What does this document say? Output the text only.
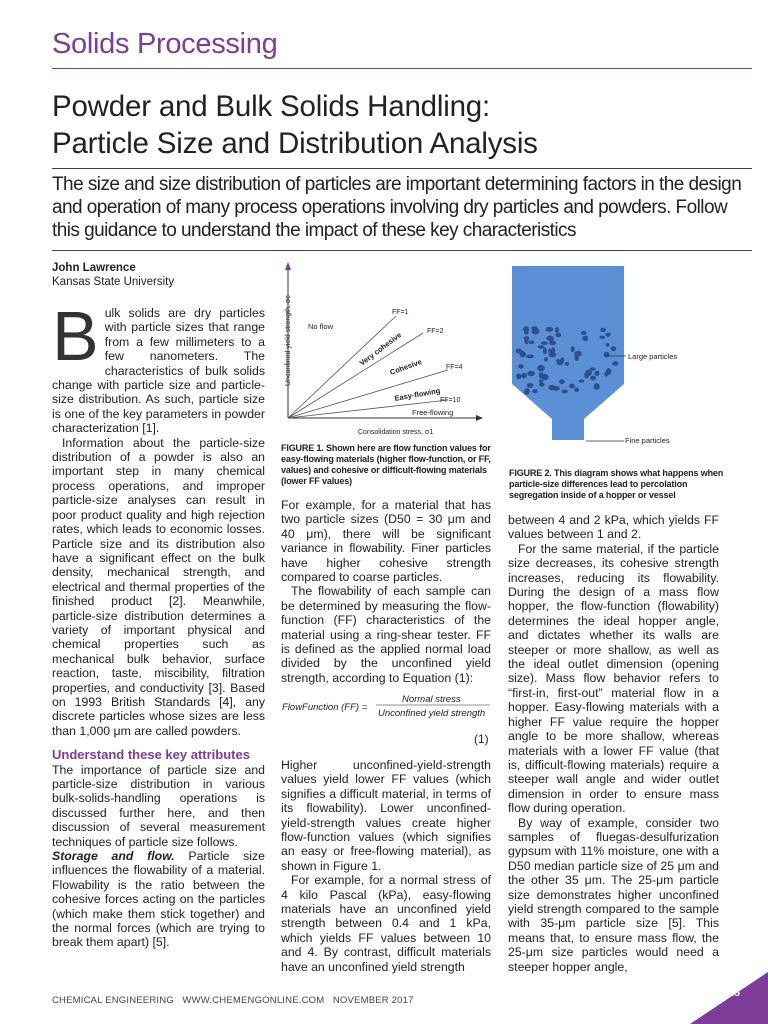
Solids Processing
Powder and Bulk Solids Handling:
Particle Size and Distribution Analysis
The size and size distribution of particles are important determining factors in the design and operation of many process operations involving dry particles and powders. Follow this guidance to understand the impact of these key characteristics
John Lawrence
Kansas State University

Bulk solids are dry particles with particle sizes that range from a few millimeters to a few nanometers. The characteristics of bulk solids change with particle size and particle-size distribution. As such, particle size is one of the key parameters in powder characterization [1].

Information about the particle-size distribution of a powder is also an important step in many chemical process operations, and improper particle-size analyses can result in poor product quality and high rejection rates, which leads to economic losses. Particle size and its distribution also have a significant effect on the bulk density, mechanical strength, and electrical and thermal properties of the finished product [2]. Meanwhile, particle-size distribution determines a variety of important physical and chemical properties such as mechanical bulk behavior, surface reaction, taste, miscibility, filtration properties, and conductivity [3]. Based on 1993 British Standards [4], any discrete particles whose sizes are less than 1,000 μm are called powders.

Understand these key attributes

The importance of particle size and particle-size distribution in various bulk-solids-handling operations is discussed further here, and then discussion of several measurement techniques of particle size follows.

Storage and flow. Particle size influences the flowability of a material. Flowability is the ratio between the cohesive forces acting on the particles (which make them stick together) and the normal forces (which are trying to break them apart) [5].

Unconfined yield strength, σc No flow
FF=1
FF=2
FF=4
FF=10
Very cohesive
Cohesive
Easy-flowing
Free-flowing
Consolidation stress, σ1
FIGURE 1. Shown here are flow function values for easy-flowing materials (higher flow-function, or FF, values) and cohesive or difficult-flowing materials (lower FF values)
Large particles
Fine particles
FIGURE 2. This diagram shows what happens when particle-size differences lead to percolation segregation inside of a hopper or vessel

For example, for a material that has two particle sizes (D50 = 30 μm and 40 μm), there will be significant variance in flowability. Finer particles have higher cohesive strength compared to coarse particles.

The flowability of each sample can be determined by measuring the flow-function (FF) characteristics of the material using a ring-shear tester. FF is defined as the applied normal load divided by the unconfined yield strength, according to Equation (1):

FlowFunction (FF) =
Normal stress
Unconfined yield strength
(1)

Higher unconfined-yield-strength values yield lower FF values (which signifies a difficult material, in terms of its flowability). Lower unconfined-yield-strength values create higher flow-function values (which signifies an easy or free-flowing material), as shown in Figure 1.

For example, for a normal stress of 4 kilo Pascal (kPa), easy-flowing materials have an unconfined yield strength between 0.4 and 1 kPa, which yields FF values between 10 and 4. By contrast, difficult materials have an unconfined yield strength

between 4 and 2 kPa, which yields FF values between 1 and 2.

For the same material, if the particle size decreases, its cohesive strength increases, reducing its flowability. During the design of a mass flow hopper, the flow-function (flowability) determines the ideal hopper angle, and dictates whether its walls are steeper or more shallow, as well as the ideal outlet dimension (opening size). Mass flow behavior refers to “first-in, first-out” material flow in a hopper. Easy-flowing materials with a higher FF value require the hopper angle to be more shallow, whereas materials with a lower FF value (that is, difficult-flowing materials) require a steeper wall angle and wider outlet dimension in order to ensure mass flow during operation.

By way of example, consider two samples of fluegas-desulfurization gypsum with 11% moisture, one with a D50 median particle size of 25 μm and the other 35 μm. The 25-μm particle size demonstrates higher unconfined yield strength compared to the sample with 35-μm particle size [5]. This means that, to ensure mass flow, the 25-μm size particles would need a steeper hopper angle,

CHEMICAL ENGINEERING   WWW.CHEMENGONLINE.COM   NOVEMBER 2017
55
